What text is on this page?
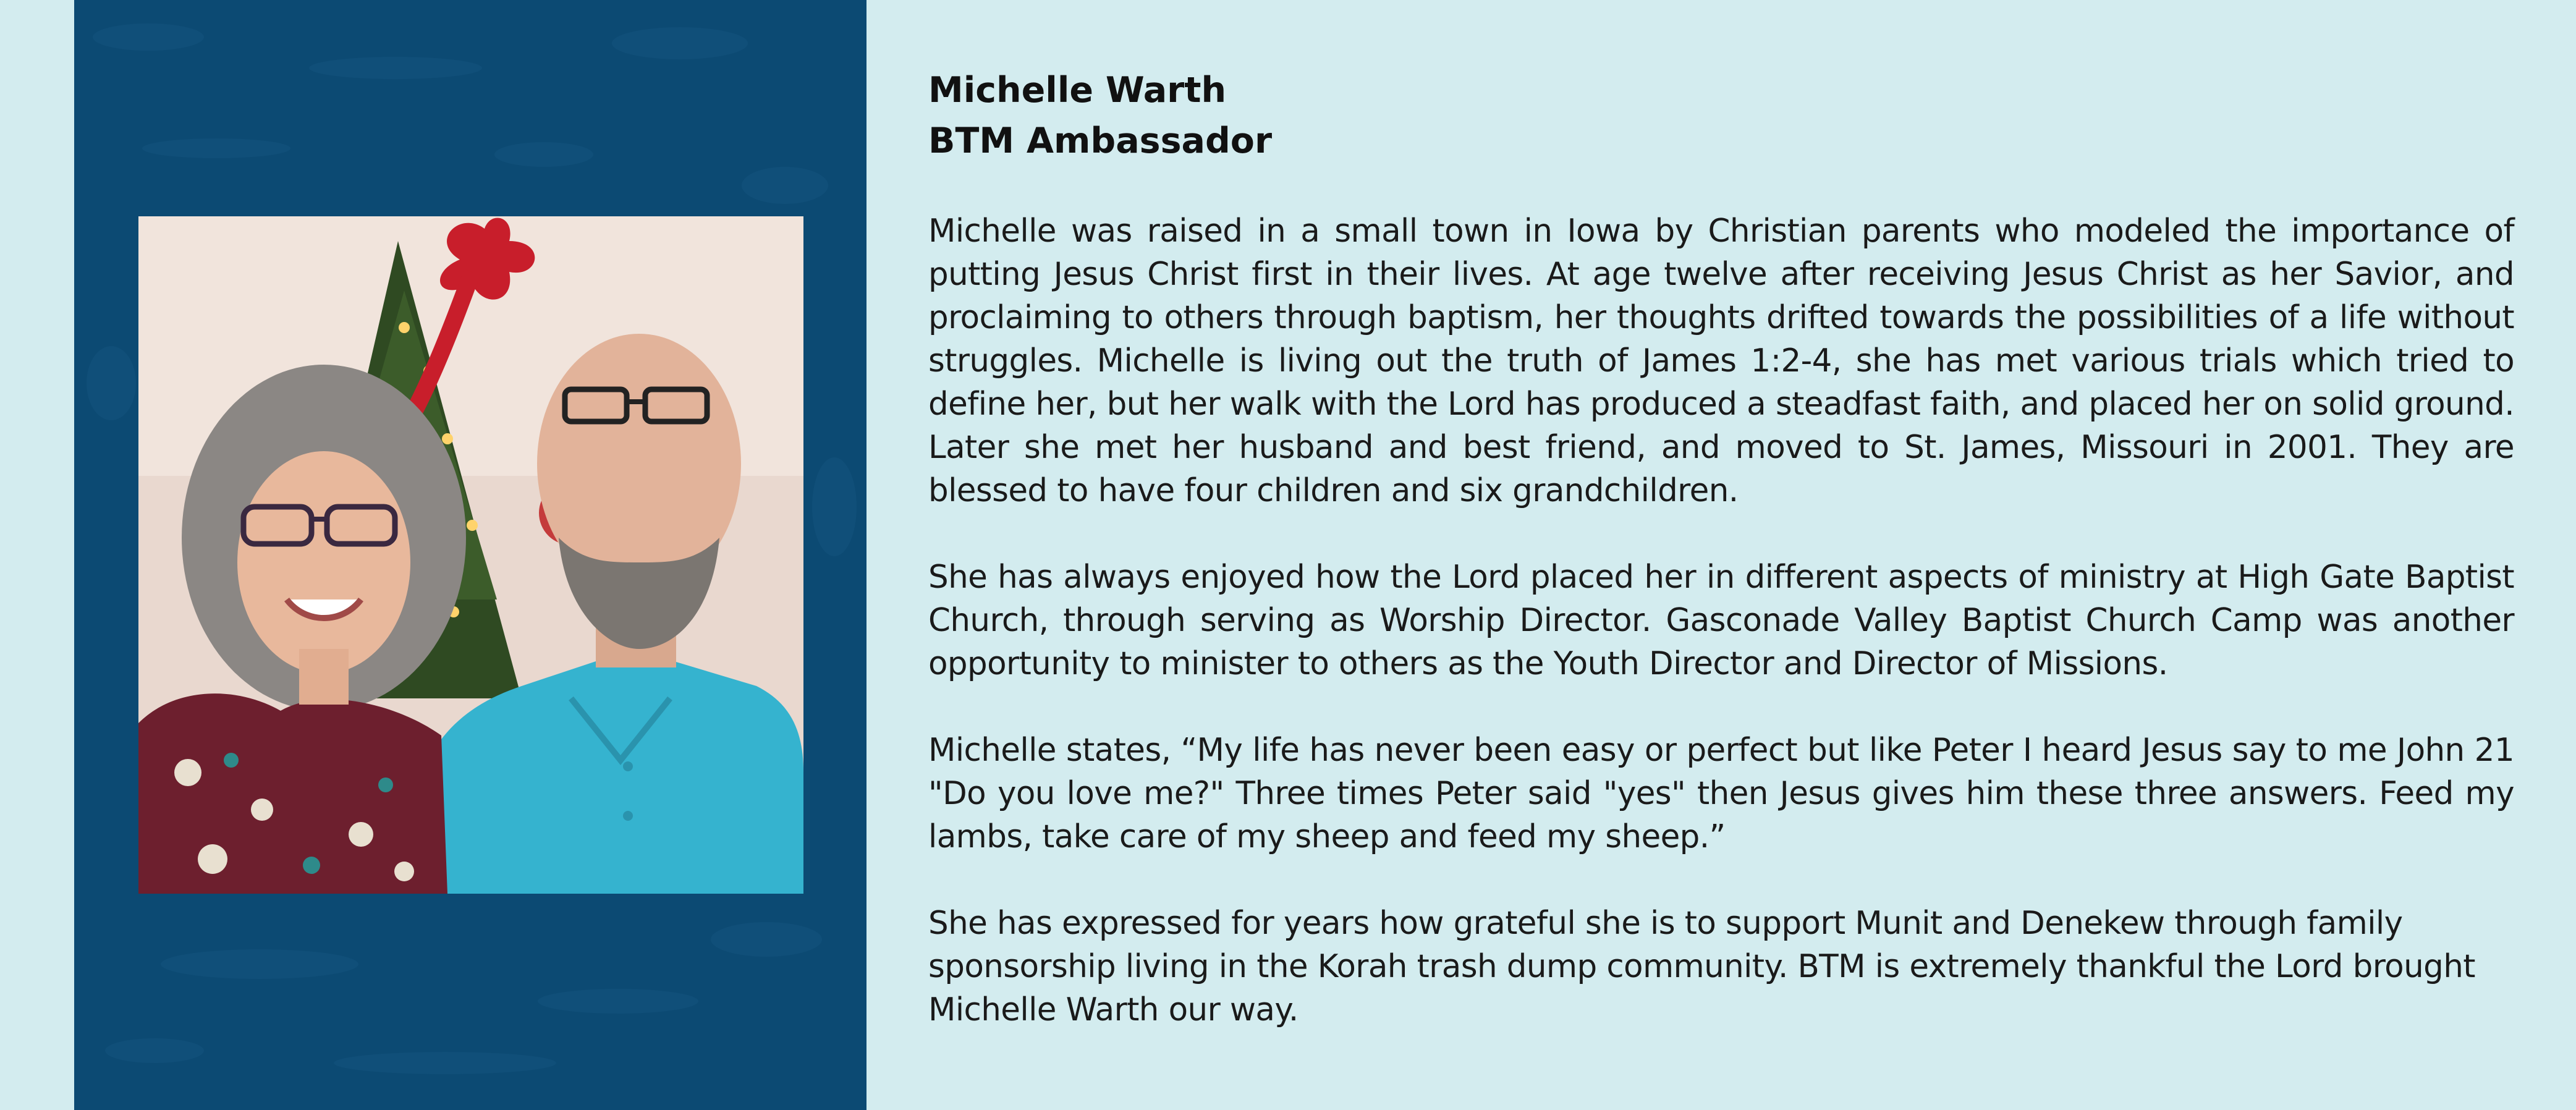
Michelle Warth
BTM Ambassador

Michelle was raised in a small town in Iowa by Christian parents who modeled the importance of putting Jesus Christ first in their lives. At age twelve after receiving Jesus Christ as her Savior, and proclaiming to others through baptism, her thoughts drifted towards the possibilities of a life without struggles. Michelle is living out the truth of James 1:2-4, she has met various trials which tried to define her, but her walk with the Lord has produced a steadfast faith, and placed her on solid ground. Later she met her husband and best friend, and moved to St. James, Missouri in 2001. They are blessed to have four children and six grandchildren.

She has always enjoyed how the Lord placed her in different aspects of ministry at High Gate Baptist Church, through serving as Worship Director. Gasconade Valley Baptist Church Camp was another opportunity to minister to others as the Youth Director and Director of Missions.

Michelle states, “My life has never been easy or perfect but like Peter I heard Jesus say to me John 21 "Do you love me?" Three times Peter said "yes" then Jesus gives him these three answers. Feed my lambs, take care of my sheep and feed my sheep.”

She has expressed for years how grateful she is to support Munit and Denekew through family sponsorship living in the Korah trash dump community. BTM is extremely thankful the Lord brought Michelle Warth our way.
